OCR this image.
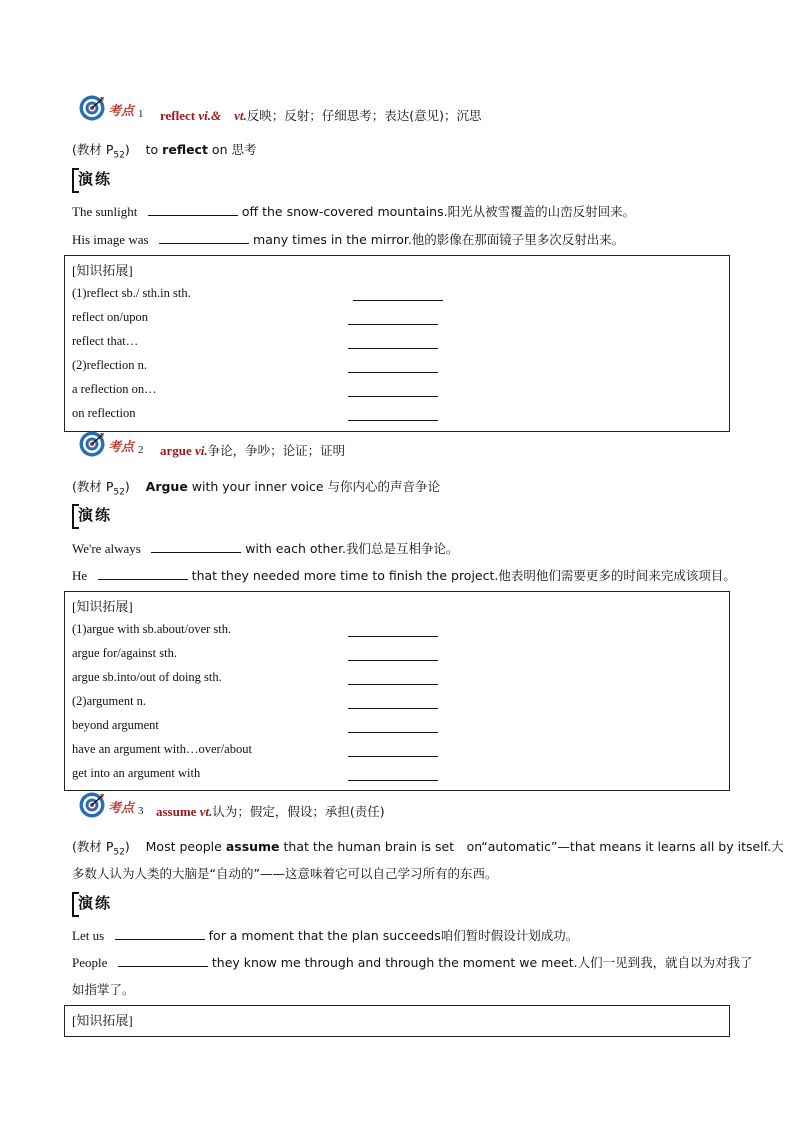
考点 1 reflect vi.&　vt.反映；反射；仔细思考；表达(意见)；沉思
(教材 $P_{52}$) to reflect on 思考
演练
The sunlight	off the snow-covered mountains.阳光从被雪覆盖的山峦反射回来。
His image was	many times in the mirror.他的影像在那面镜子里多次反射出来。
[知识拓展]
(1)reflect sb./ sth.in sth.
reflect on/upon
reflect that…
(2)reflection n.
a reflection on…
on reflection
考点 2 argue vi.争论，争吵；论证；证明
(教材 $P_{52}$) Argue with your inner voice 与你内心的声音争论
演练
We're always	with each other.我们总是互相争论。
He	that they needed more time to finish the project.他表明他们需要更多的时间来完成该项目。
[知识拓展]
(1)argue with sb.about/over sth.
argue for/against sth.
argue sb.into/out of doing sth.
(2)argument n.
beyond argument
have an argument with…over/about
get into an argument with
考点 3 assume vt.认为；假定，假设；承担(责任)
(教材 $P_{52}$) Most people assume that the human brain is set　on“automatic”—that means it learns all by itself.大
多数人认为人类的大脑是“自动的”——这意味着它可以自己学习所有的东西。
演练
Let us	for a moment that the plan succeeds咱们暂时假设计划成功。
People	they know me through and through the moment we meet.人们一见到我，就自以为对我了
如指掌了。
[知识拓展]
